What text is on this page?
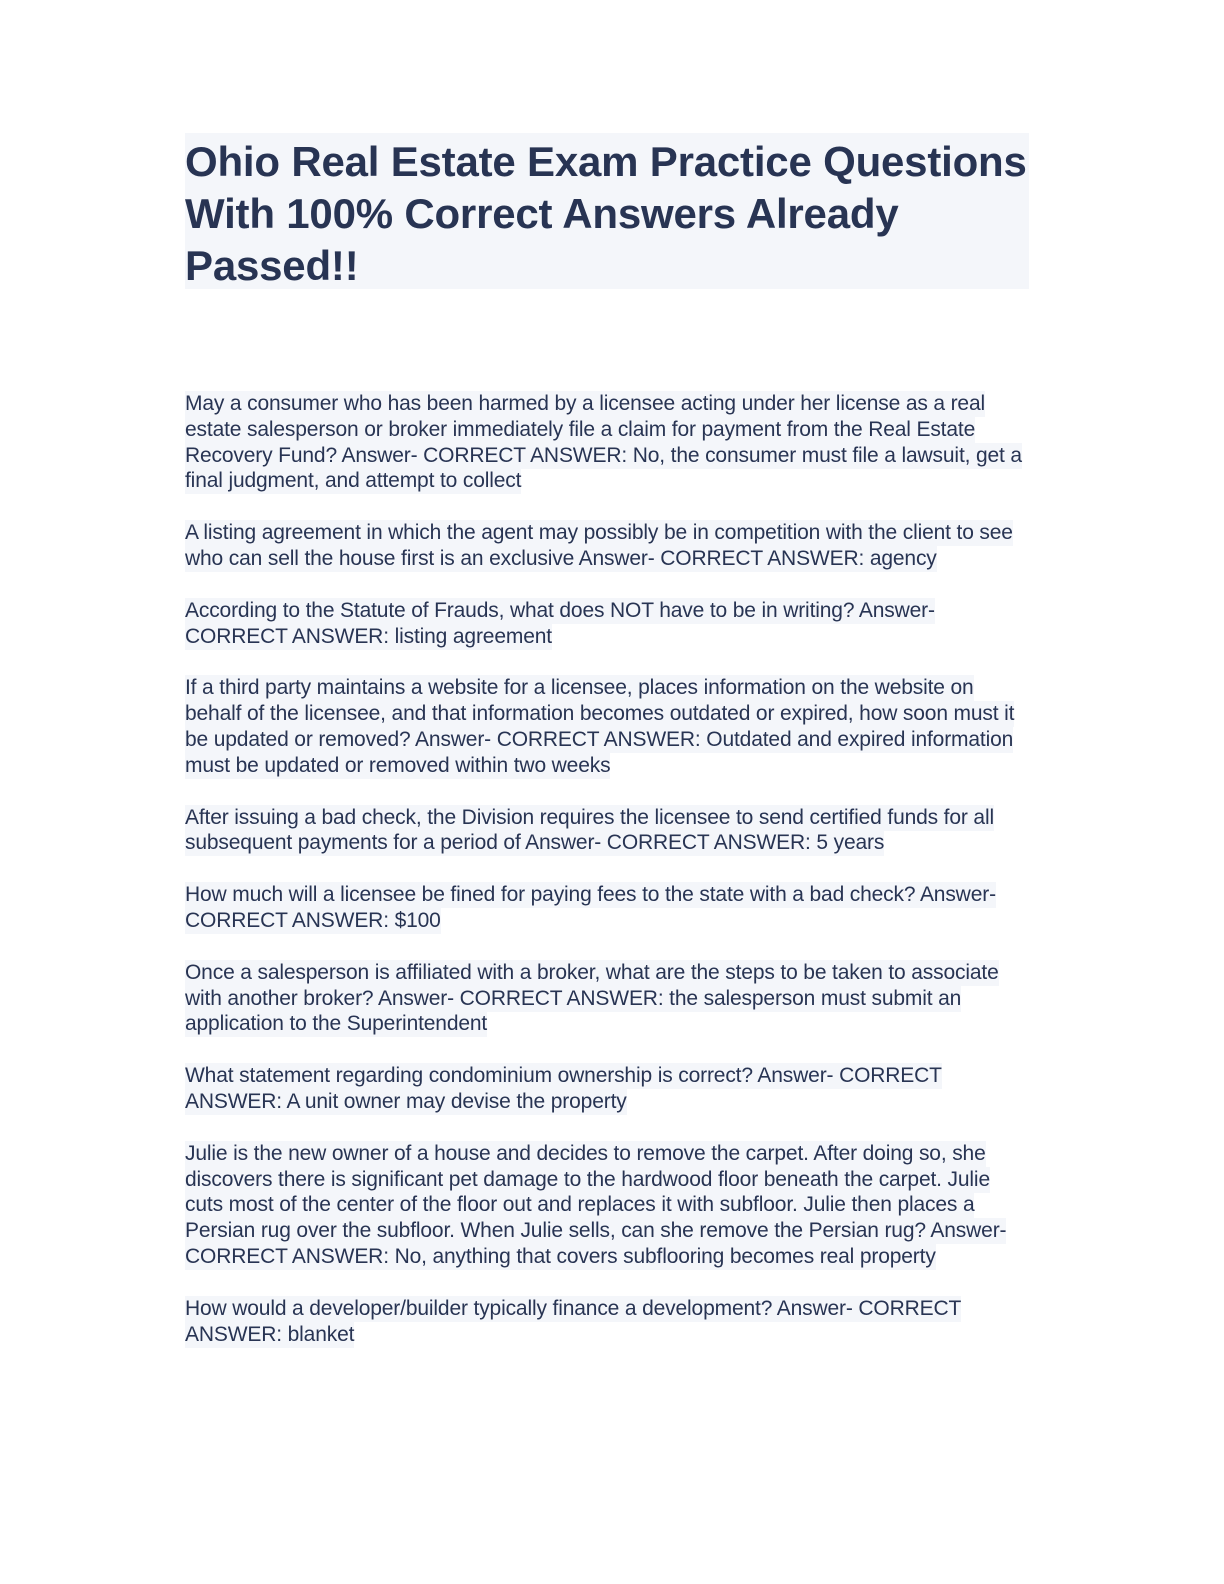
Ohio Real Estate Exam Practice Questions With 100% Correct Answers Already Passed!!

May a consumer who has been harmed by a licensee acting under her license as a real estate salesperson or broker immediately file a claim for payment from the Real Estate Recovery Fund? Answer- CORRECT ANSWER: No, the consumer must file a lawsuit, get a final judgment, and attempt to collect

A listing agreement in which the agent may possibly be in competition with the client to see who can sell the house first is an exclusive Answer- CORRECT ANSWER: agency

According to the Statute of Frauds, what does NOT have to be in writing? Answer- CORRECT ANSWER: listing agreement

If a third party maintains a website for a licensee, places information on the website on behalf of the licensee, and that information becomes outdated or expired, how soon must it be updated or removed? Answer- CORRECT ANSWER: Outdated and expired information must be updated or removed within two weeks

After issuing a bad check, the Division requires the licensee to send certified funds for all subsequent payments for a period of Answer- CORRECT ANSWER: 5 years

How much will a licensee be fined for paying fees to the state with a bad check? Answer- CORRECT ANSWER: $100

Once a salesperson is affiliated with a broker, what are the steps to be taken to associate with another broker? Answer- CORRECT ANSWER: the salesperson must submit an application to the Superintendent

What statement regarding condominium ownership is correct? Answer- CORRECT ANSWER: A unit owner may devise the property

Julie is the new owner of a house and decides to remove the carpet. After doing so, she discovers there is significant pet damage to the hardwood floor beneath the carpet. Julie cuts most of the center of the floor out and replaces it with subfloor. Julie then places a Persian rug over the subfloor. When Julie sells, can she remove the Persian rug? Answer- CORRECT ANSWER: No, anything that covers subflooring becomes real property

How would a developer/builder typically finance a development? Answer- CORRECT ANSWER: blanket
